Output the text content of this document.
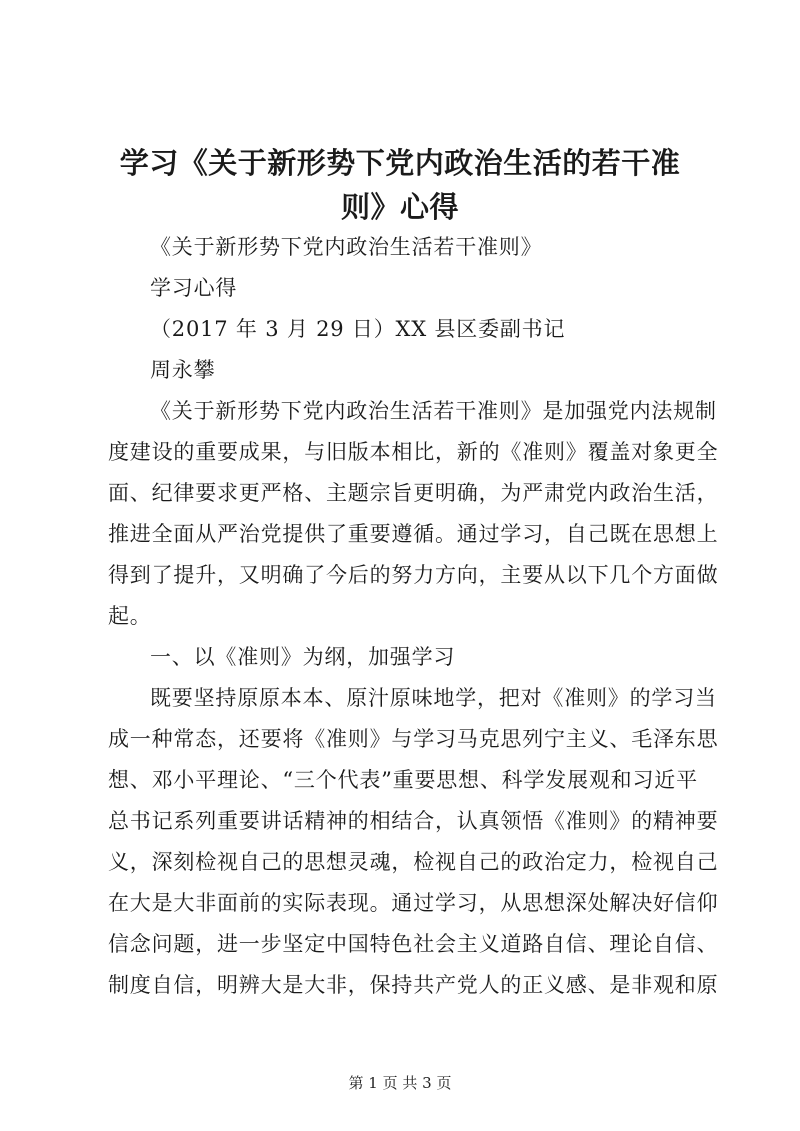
学习《关于新形势下党内政治生活的若干准
则》心得
《关于新形势下党内政治生活若干准则》
学习心得
（2017 年 3 月 29 日）XX 县区委副书记
周永攀
《关于新形势下党内政治生活若干准则》是加强党内法规制
度建设的重要成果，与旧版本相比，新的《准则》覆盖对象更全
面、纪律要求更严格、主题宗旨更明确，为严肃党内政治生活，
推进全面从严治党提供了重要遵循。通过学习，自己既在思想上
得到了提升，又明确了今后的努力方向，主要从以下几个方面做
起。
一、以《准则》为纲，加强学习
既要坚持原原本本、原汁原味地学，把对《准则》的学习当
成一种常态，还要将《准则》与学习马克思列宁主义、毛泽东思
想、邓小平理论、“三个代表”重要思想、科学发展观和习近平
总书记系列重要讲话精神的相结合，认真领悟《准则》的精神要
义，深刻检视自己的思想灵魂，检视自己的政治定力，检视自己
在大是大非面前的实际表现。通过学习，从思想深处解决好信仰
信念问题，进一步坚定中国特色社会主义道路自信、理论自信、
制度自信，明辨大是大非，保持共产党人的正义感、是非观和原
第 1 页 共 3 页
